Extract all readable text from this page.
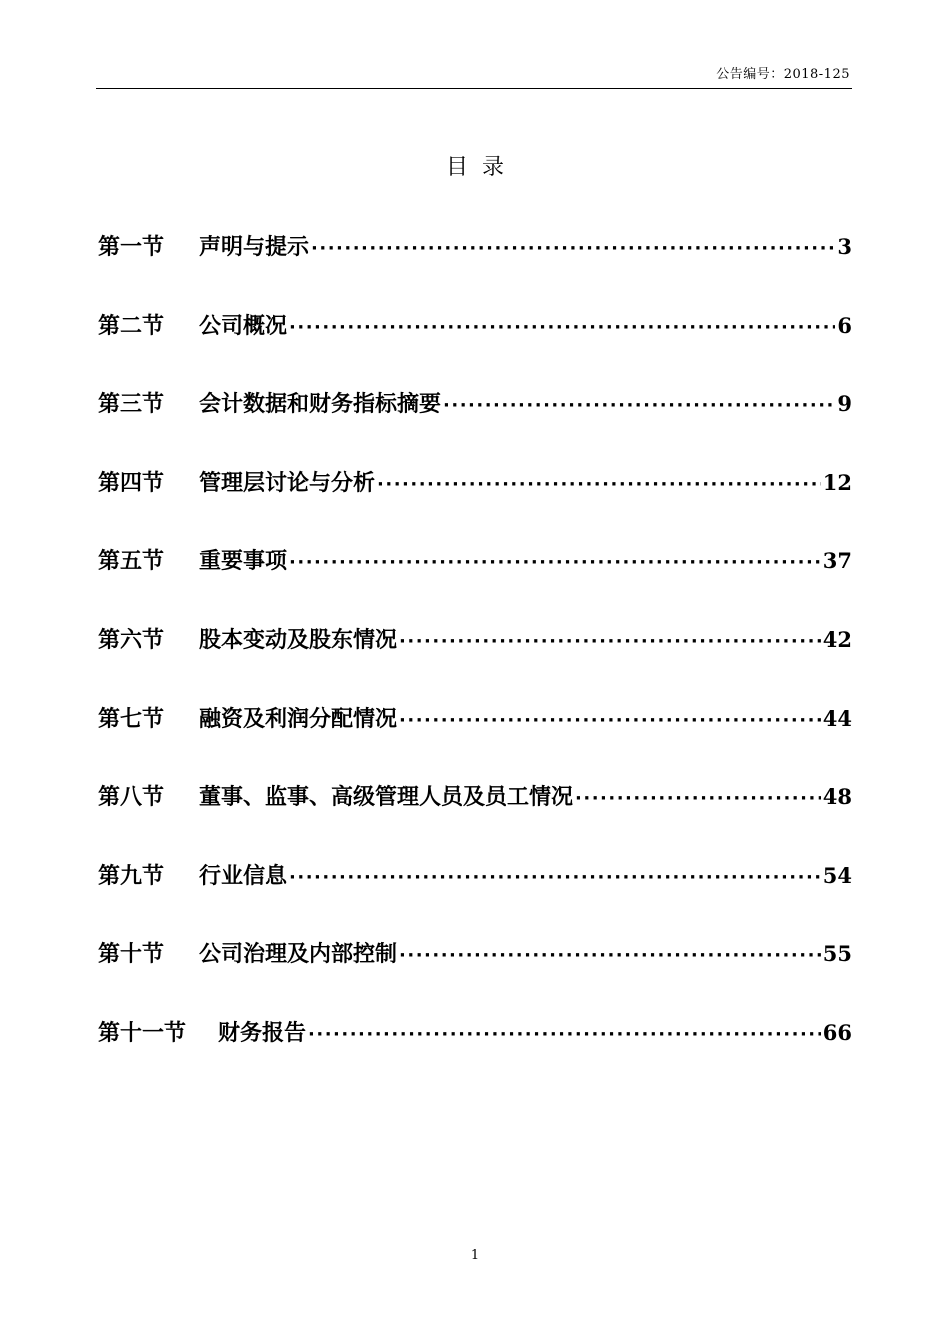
公告编号：2018-125
目录
第一节	声明与提示 ·····	3
第二节	公司概况 ·····	6
第三节	会计数据和财务指标摘要 ·····	9
第四节	管理层讨论与分析 ·····	12
第五节	重要事项 ·····	37
第六节	股本变动及股东情况 ·····	42
第七节	融资及利润分配情况 ·····	44
第八节	董事、监事、高级管理人员及员工情况 ·····	48
第九节	行业信息 ·····	54
第十节	公司治理及内部控制 ·····	55
第十一节	财务报告 ·····	66
1
